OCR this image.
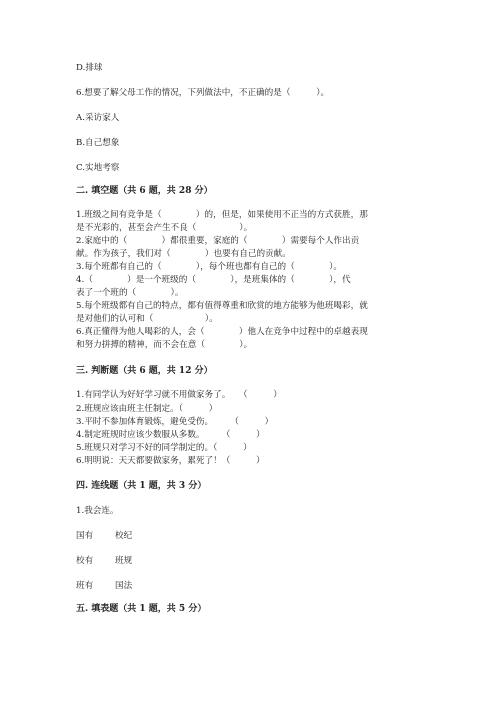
D.排球
6.想要了解父母工作的情况，下列做法中，不正确的是（　　　）。
A.采访家人
B.自己想象
C.实地考察
二. 填空题（共 6 题，共 28 分）
1.班级之间有竞争是（　　　　）的，但是，如果使用不正当的方式获胜，那
是不光彩的，甚至会产生不良（　　　　　）。
2.家庭中的（　　　　）都很重要，家庭的（　　　　）需要每个人作出贡
献。作为孩子，我们对（　　　　）也要有自己的贡献。
3.每个班都有自己的（　　　　），每个班也都有自己的（　　　　）。
4.（　　　　）是一个班级的（　　　　），是班集体的（　　　　），代
表了一个班的（　　　　）。
5.每个班级都有自己的特点，都有值得尊重和欣赏的地方能够为他班喝彩，就
是对他们的认可和（　　　　　　）。
6.真正懂得为他人喝彩的人，会（　　　　）他人在竞争中过程中的卓越表现
和努力拼搏的精神，而不会在意（　　　　）。
三. 判断题（共 6 题，共 12 分）
1.有同学认为好好学习就不用做家务了。　　（　　　）
2.班规应该由班主任制定。（　　　）
3.平时不参加体育锻炼，避免受伤。　　　（　　　）
4.制定班规时应该少数服从多数。　　　（　　　）
5.班规只对学习不好的同学制定的。（　　　）
6.明明说：天天都要做家务，累死了！（　　　）
四. 连线题（共 1 题，共 3 分）
1.我会连。
国有	校纪
校有	班规
班有	国法
五. 填表题（共 1 题，共 5 分）
